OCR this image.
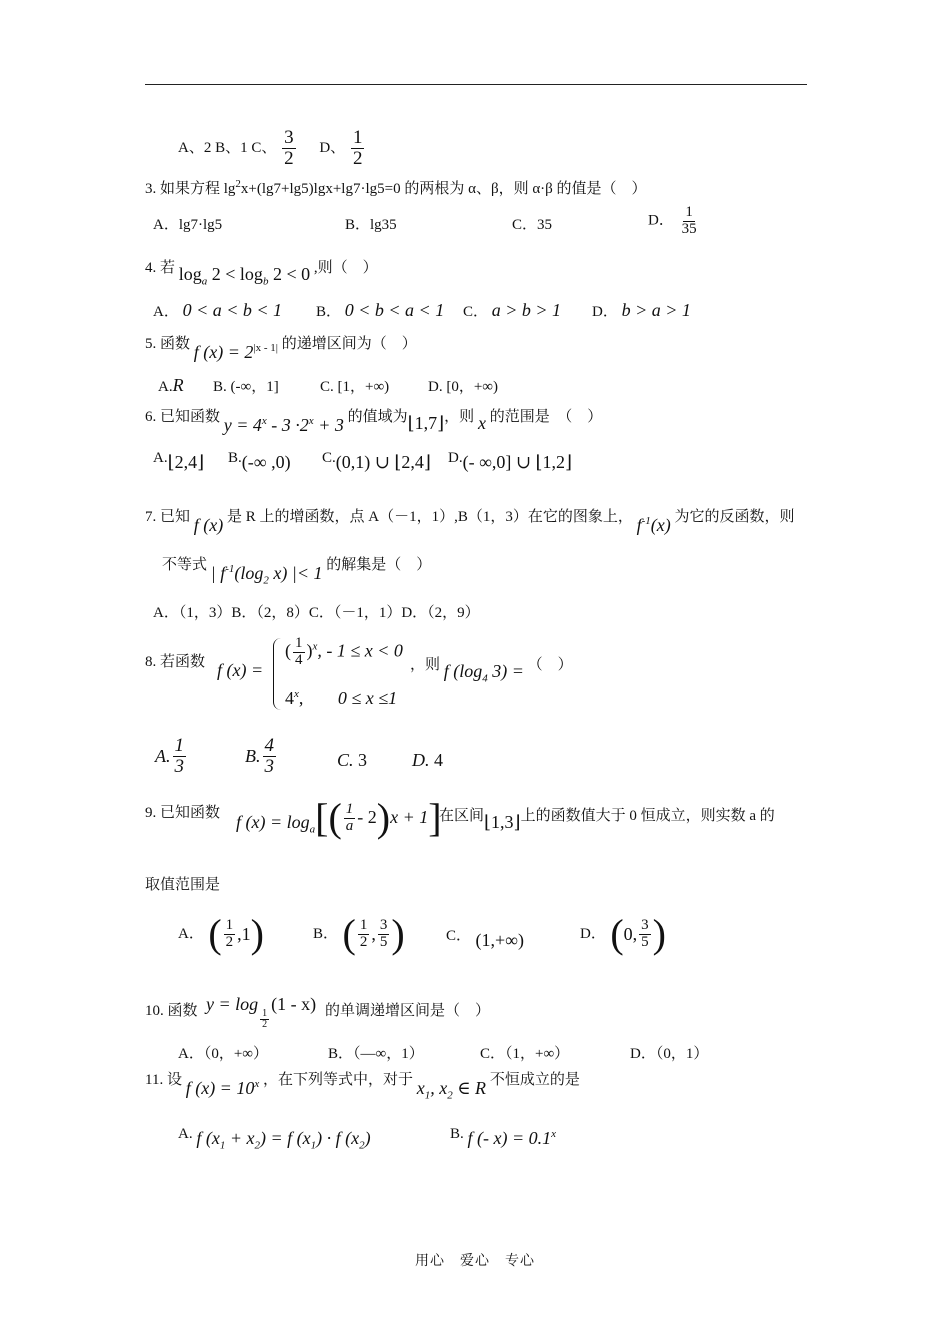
A、2 B、1 C、 $\frac{3}{2}$ D、 $\frac{1}{2}$
3. 如果方程 $\lg^2x+(\lg 7+\lg 5)\lg x+\lg 7\cdot\lg 5=0$ 的两根为 α、β，则 α·β 的值是（　）
A．lg7·lg5	B．lg35	C．35	D． $\frac{1}{35}$
4. 若 $\log_a 2 < \log_b 2 < 0$ ,则（　）
A． 0 < a < b < 1 B． 0 < b < a < 1 C． a > b > 1 D． b > a > 1
5. 函数 f $(x) = 2^{|x - 1|}$ 的递增区间为（　）
A.R B. (-∞，1]	C. [1，+∞)	D. [0，+∞)
6. 已知函数 $y = 4^x - 3 \cdot 2^x + 3$ 的值域为⌊1,7⌋，则 x 的范围是　（　）
A.⌊2,4⌋ B.(-∞ ,0) C.(0,1) ∪ ⌊2,4⌋ D.(- ∞,0] ∪ ⌊1,2⌋
7. 已知 f (x) 是 R 上的增函数，点 A（－1，1）,B（1，3）在它的图象上， $f^{-1}(x)$ 为它的反函数，则
不等式 | $f^{-1}(\log_2$ x) |< 1 的解集是（　）
A．（1，3）B．（2，8）C．（－1，1）D．（2，9）
8. 若函数 f (x) =
( $\frac{1}{4} )^x$, - 1 ≤ x < 0
4$^x$, 0 ≤ x ≤1
，则 f ($\log_4$ 3) = （　）
A. $\frac{1}{3}$	B. $\frac{4}{3}$	C. 3 D. 4
9. 已知函数 f $(x) = \log_a[( \frac{1}{a} - 2)x + 1]$
在区间⌊1,3⌋上的函数值大于 0 恒成立，则实数 a 的
取值范围是
$^{A.}$ ( $\frac{1}{2} ,1$)	$^{B.}$ ( $\frac{1}{2}$ , $\frac{3}{5}$ )	$^{C.}$ (1,+∞)	$^{D.}$ (0, $\frac{3}{5}$ )
10. 函数 y = log
$\frac{1}{2}$
(1 - x) 的单调递增区间是（　）
A．（0，+∞）	B．（—∞，1）	C．（1，+∞）	D．（0，1）
11. 设 f $(x) = 10^x$ ，在下列等式中，对于 $x_1$, $x_2$ ∈ R 不恒成立的是
A. f $(x_1 + x_2) = f$ $(x_1) \cdot f$ $(x_2)$	B. f (- $x) = 0.1^x$
用心　爱心　专心
